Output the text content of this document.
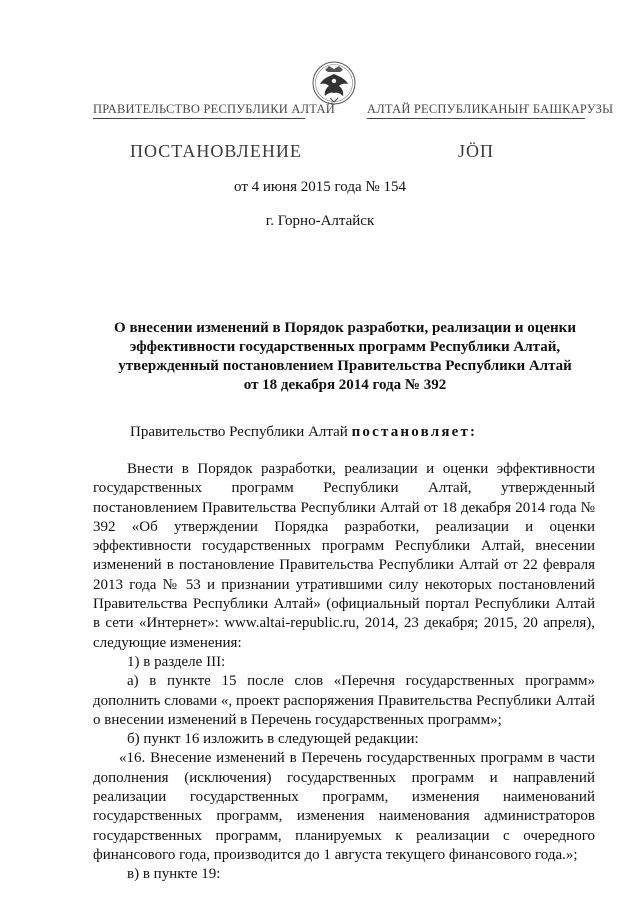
ПРАВИТЕЛЬСТВО РЕСПУБЛИКИ АЛТАЙ	АЛТАЙ РЕСПУБЛИКАНЫҤ БАШКАРУЗЫ
ПОСТАНОВЛЕНИЕ	ЈӦП
от 4 июня 2015 года № 154
г. Горно-Алтайск
О внесении изменений в Порядок разработки, реализации и оценки
эффективности государственных программ Республики Алтай,
утвержденный постановлением Правительства Республики Алтай
от 18 декабря 2014 года № 392
Правительство Республики Алтай постановляет:

Внести в Порядок разработки, реализации и оценки эффективности государственных программ Республики Алтай, утвержденный постановлением Правительства Республики Алтай от 18 декабря 2014 года № 392 «Об утверждении Порядка разработки, реализации и оценки эффективности государственных программ Республики Алтай, внесении изменений в постановление Правительства Республики Алтай от 22 февраля 2013 года № 53 и признании утратившими силу некоторых постановлений Правительства Республики Алтай» (официальный портал Республики Алтай в сети «Интернет»: www.altai-republic.ru, 2014, 23 декабря; 2015, 20 апреля), следующие изменения:

1) в разделе III:

а) в пункте 15 после слов «Перечня государственных программ» дополнить словами «, проект распоряжения Правительства Республики Алтай о внесении изменений в Перечень государственных программ»;

б) пункт 16 изложить в следующей редакции:

«16. Внесение изменений в Перечень государственных программ в части дополнения (исключения) государственных программ и направлений реализации государственных программ, изменения наименований государственных программ, изменения наименования администраторов государственных программ, планируемых к реализации с очередного финансового года, производится до 1 августа текущего финансового года.»;

в) в пункте 19:
